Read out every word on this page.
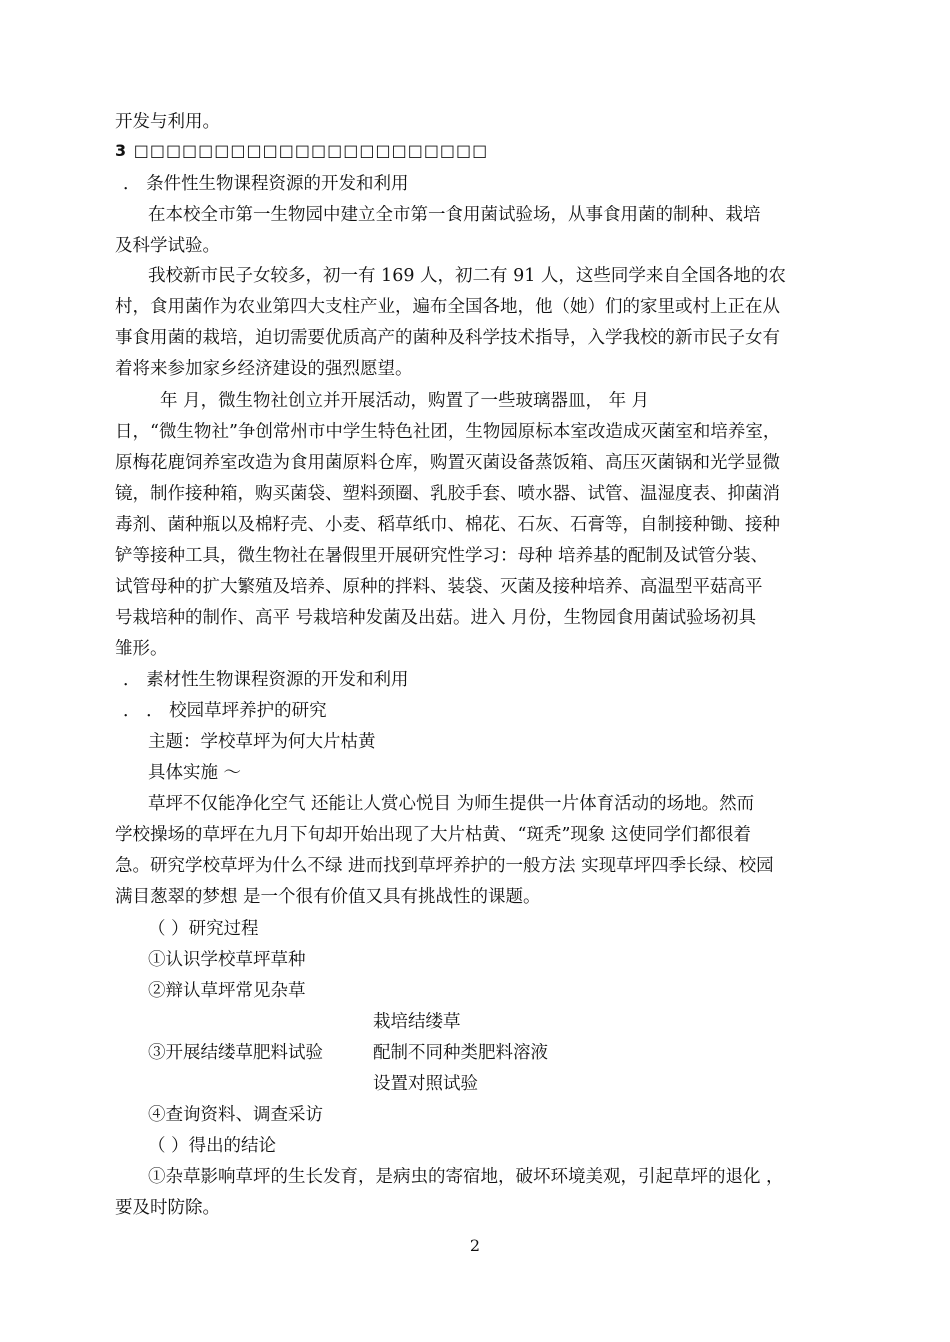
开发与利用。
3 □□□□□□□□□□□□□□□□□□□□□□
． 条件性生物课程资源的开发和利用
在本校全市第一生物园中建立全市第一食用菌试验场，从事食用菌的制种、栽培
及科学试验。
我校新市民子女较多，初一有 169 人，初二有 91 人，这些同学来自全国各地的农
村，食用菌作为农业第四大支柱产业，遍布全国各地，他（她）们的家里或村上正在从
事食用菌的栽培，迫切需要优质高产的菌种及科学技术指导，入学我校的新市民子女有
着将来参加家乡经济建设的强烈愿望。
年 月，微生物社创立并开展活动，购置了一些玻璃器皿， 年 月
日，“微生物社”争创常州市中学生特色社团，生物园原标本室改造成灭菌室和培养室，
原梅花鹿饲养室改造为食用菌原料仓库，购置灭菌设备蒸饭箱、高压灭菌锅和光学显微
镜，制作接种箱，购买菌袋、塑料颈圈、乳胶手套、喷水器、试管、温湿度表、抑菌消
毒剂、菌种瓶以及棉籽壳、小麦、稻草纸巾、棉花、石灰、石膏等，自制接种锄、接种
铲等接种工具，微生物社在暑假里开展研究性学习：母种 培养基的配制及试管分装、
试管母种的扩大繁殖及培养、原种的拌料、装袋、灭菌及接种培养、高温型平菇高平
号栽培种的制作、高平 号栽培种发菌及出菇。进入 月份，生物园食用菌试验场初具
雏形。
． 素材性生物课程资源的开发和利用
． ． 校园草坪养护的研究
主题：学校草坪为何大片枯黄
具体实施 ～
草坪不仅能净化空气 还能让人赏心悦目 为师生提供一片体育活动的场地。然而
学校操场的草坪在九月下旬却开始出现了大片枯黄、“斑秃”现象 这使同学们都很着
急。研究学校草坪为什么不绿 进而找到草坪养护的一般方法 实现草坪四季长绿、校园
满目葱翠的梦想 是一个很有价值又具有挑战性的课题。
（ ）研究过程
①认识学校草坪草种
②辩认草坪常见杂草
栽培结缕草
③开展结缕草肥料试验	配制不同种类肥料溶液
设置对照试验
④查询资料、调查采访
（ ）得出的结论
①杂草影响草坪的生长发育，是病虫的寄宿地，破坏环境美观，引起草坪的退化 ，
要及时防除。
2
